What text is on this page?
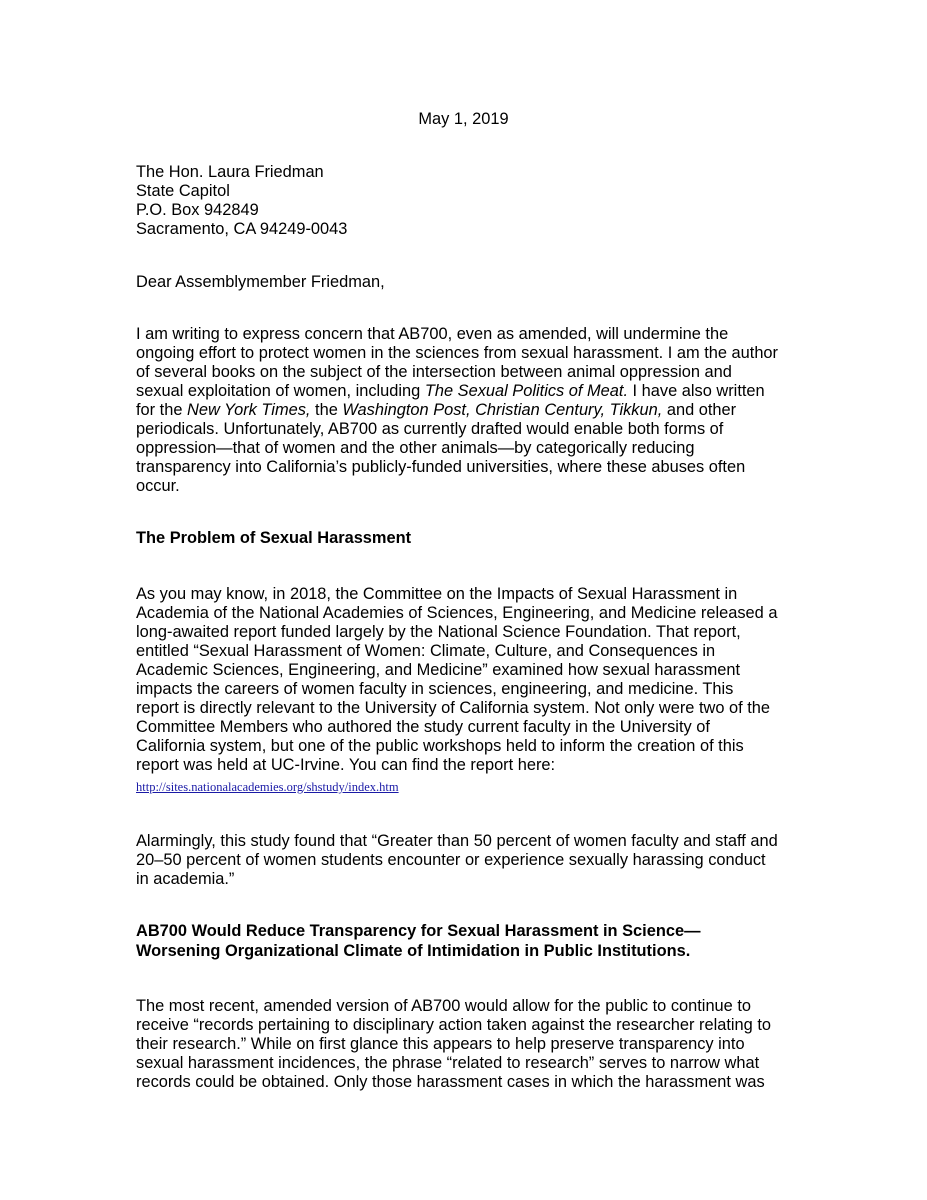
May 1, 2019
The Hon. Laura Friedman
State Capitol
P.O. Box 942849
Sacramento, CA 94249-0043
Dear Assemblymember Friedman,
I am writing to express concern that AB700, even as amended, will undermine the
ongoing effort to protect women in the sciences from sexual harassment. I am the author
of several books on the subject of the intersection between animal oppression and
sexual exploitation of women, including The Sexual Politics of Meat. I have also written
for the New York Times, the Washington Post, Christian Century, Tikkun, and other
periodicals. Unfortunately, AB700 as currently drafted would enable both forms of
oppression—that of women and the other animals—by categorically reducing
transparency into California’s publicly-funded universities, where these abuses often
occur.
The Problem of Sexual Harassment
As you may know, in 2018, the Committee on the Impacts of Sexual Harassment in
Academia of the National Academies of Sciences, Engineering, and Medicine released a
long-awaited report funded largely by the National Science Foundation. That report,
entitled “Sexual Harassment of Women: Climate, Culture, and Consequences in
Academic Sciences, Engineering, and Medicine” examined how sexual harassment
impacts the careers of women faculty in sciences, engineering, and medicine. This
report is directly relevant to the University of California system. Not only were two of the
Committee Members who authored the study current faculty in the University of
California system, but one of the public workshops held to inform the creation of this
report was held at UC-Irvine. You can find the report here:
http://sites.nationalacademies.org/shstudy/index.htm
Alarmingly, this study found that “Greater than 50 percent of women faculty and staff and
20–50 percent of women students encounter or experience sexually harassing conduct
in academia.”
AB700 Would Reduce Transparency for Sexual Harassment in Science—
Worsening Organizational Climate of Intimidation in Public Institutions.
The most recent, amended version of AB700 would allow for the public to continue to
receive “records pertaining to disciplinary action taken against the researcher relating to
their research.” While on first glance this appears to help preserve transparency into
sexual harassment incidences, the phrase “related to research” serves to narrow what
records could be obtained. Only those harassment cases in which the harassment was
